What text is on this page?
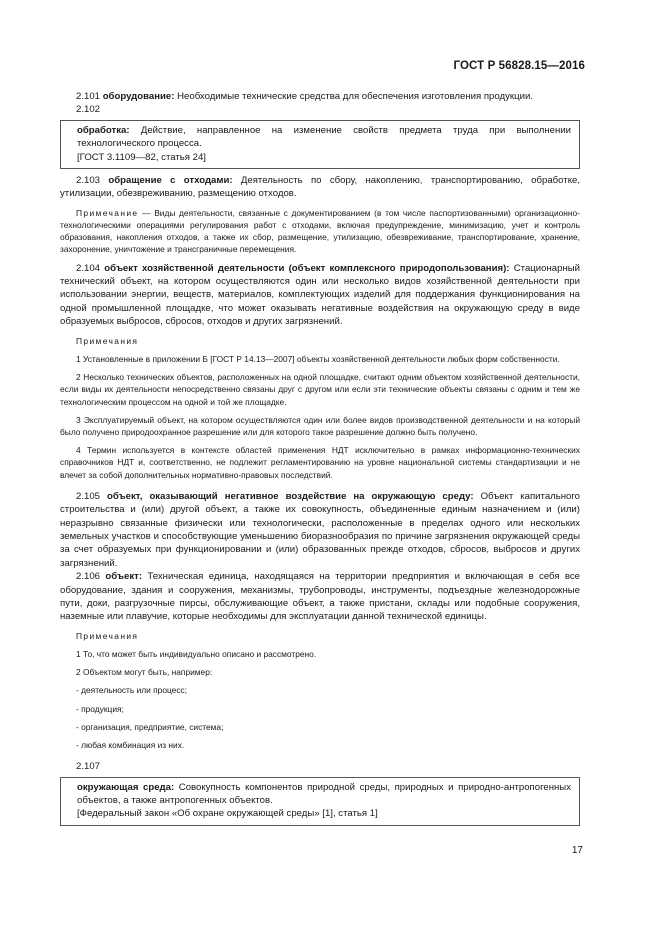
ГОСТ Р 56828.15—2016

2.101 оборудование: Необходимые технические средства для обеспечения изготовления продукции.

2.102

обработка: Действие, направленное на изменение свойств предмета труда при выполнении технологического процесса.

[ГОСТ 3.1109—82, статья 24]

2.103 обращение с отходами: Деятельность по сбору, накоплению, транспортированию, обработке, утилизации, обезвреживанию, размещению отходов.

Примечание — Виды деятельности, связанные с документированием (в том числе паспортизованными) организационно-технологическими операциями регулирования работ с отходами, включая предупреждение, минимизацию, учет и контроль образования, накопления отходов, а также их сбор, размещение, утилизацию, обезвреживание, транспортирование, хранение, захоронение, уничтожение и трансграничные перемещения.

2.104 объект хозяйственной деятельности (объект комплексного природопользования): Стационарный технический объект, на котором осуществляются один или несколько видов хозяйственной деятельности при использовании энергии, веществ, материалов, комплектующих изделий для поддержания функционирования на одной промышленной площадке, что может оказывать негативные воздействия на окружающую среду в виде образуемых выбросов, сбросов, отходов и других загрязнений.

Примечания

1 Установленные в приложении Б [ГОСТ Р 14.13—2007] объекты хозяйственной деятельности любых форм собственности.

2 Несколько технических объектов, расположенных на одной площадке, считают одним объектом хозяйственной деятельности, если виды их деятельности непосредственно связаны друг с другом или если эти технические объекты связаны с одним и тем же технологическим процессом на одной и той же площадке.

3 Эксплуатируемый объект, на котором осуществляются один или более видов производственной деятельности и на который было получено природоохранное разрешение или для которого такое разрешение должно быть получено.

4 Термин используется в контексте областей применения НДТ исключительно в рамках информационно-технических справочников НДТ и, соответственно, не подлежит регламентированию на уровне национальной системы стандартизации и не влечет за собой дополнительных нормативно-правовых последствий.

2.105 объект, оказывающий негативное воздействие на окружающую среду: Объект капитального строительства и (или) другой объект, а также их совокупность, объединенные единым назначением и (или) неразрывно связанные физически или технологически, расположенные в пределах одного или нескольких земельных участков и способствующие уменьшению биоразнообразия по причине загрязнения окружающей среды за счет образуемых при функционировании и (или) образованных прежде отходов, сбросов, выбросов и других загрязнений.

2.106 объект: Техническая единица, находящаяся на территории предприятия и включающая в себя все оборудование, здания и сооружения, механизмы, трубопроводы, инструменты, подъездные железнодорожные пути, доки, разгрузочные пирсы, обслуживающие объект, а также пристани, склады или подобные сооружения, наземные или плавучие, которые необходимы для эксплуатации данной технической единицы.

Примечания

1 То, что может быть индивидуально описано и рассмотрено.

2 Объектом могут быть, например:

- деятельность или процесс;

- продукция;

- организация, предприятие, система;

- любая комбинация из них.

2.107

окружающая среда: Совокупность компонентов природной среды, природных и природно-антропогенных объектов, а также антропогенных объектов.

[Федеральный закон «Об охране окружающей среды» [1], статья 1]

17
